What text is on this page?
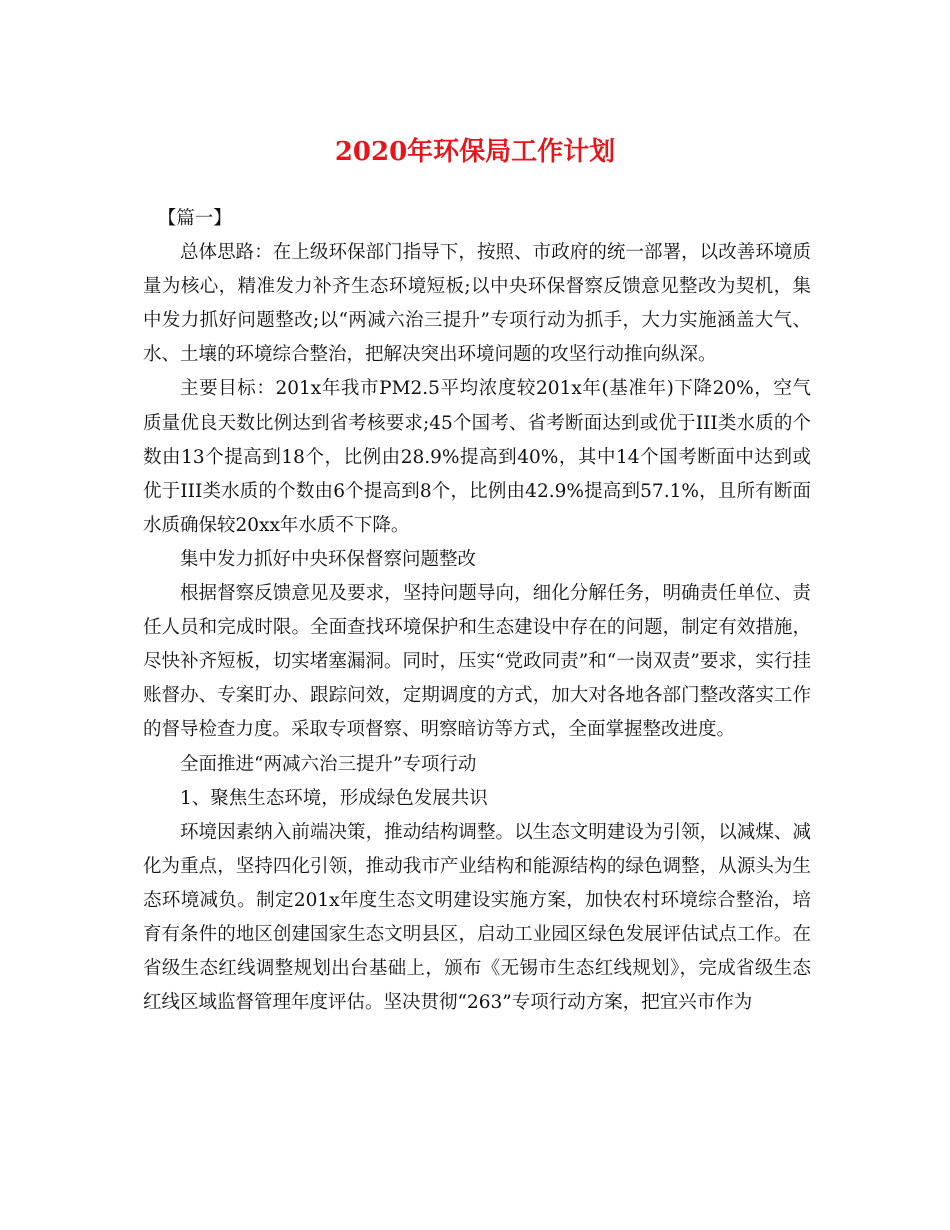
2020年环保局工作计划

【篇一】

总体思路：在上级环保部门指导下，按照、市政府的统一部署，以改善环境质量为核心，精准发力补齐生态环境短板;以中央环保督察反馈意见整改为契机，集中发力抓好问题整改;以“两减六治三提升”专项行动为抓手，大力实施涵盖大气、水、土壤的环境综合整治，把解决突出环境问题的攻坚行动推向纵深。

主要目标：201x年我市PM2.5平均浓度较201x年(基准年)下降20%，空气质量优良天数比例达到省考核要求;45个国考、省考断面达到或优于III类水质的个数由13个提高到18个，比例由28.9%提高到40%，其中14个国考断面中达到或优于III类水质的个数由6个提高到8个，比例由42.9%提高到57.1%，且所有断面水质确保较20xx年水质不下降。

集中发力抓好中央环保督察问题整改

根据督察反馈意见及要求，坚持问题导向，细化分解任务，明确责任单位、责任人员和完成时限。全面查找环境保护和生态建设中存在的问题，制定有效措施，尽快补齐短板，切实堵塞漏洞。同时，压实“党政同责”和“一岗双责”要求，实行挂账督办、专案盯办、跟踪问效，定期调度的方式，加大对各地各部门整改落实工作的督导检查力度。采取专项督察、明察暗访等方式，全面掌握整改进度。

全面推进“两减六治三提升”专项行动

1、聚焦生态环境，形成绿色发展共识

环境因素纳入前端决策，推动结构调整。以生态文明建设为引领，以减煤、减化为重点，坚持四化引领，推动我市产业结构和能源结构的绿色调整，从源头为生态环境减负。制定201x年度生态文明建设实施方案，加快农村环境综合整治，培育有条件的地区创建国家生态文明县区，启动工业园区绿色发展评估试点工作。在省级生态红线调整规划出台基础上，颁布《无锡市生态红线规划》，完成省级生态红线区域监督管理年度评估。坚决贯彻“263”专项行动方案，把宜兴市作为
